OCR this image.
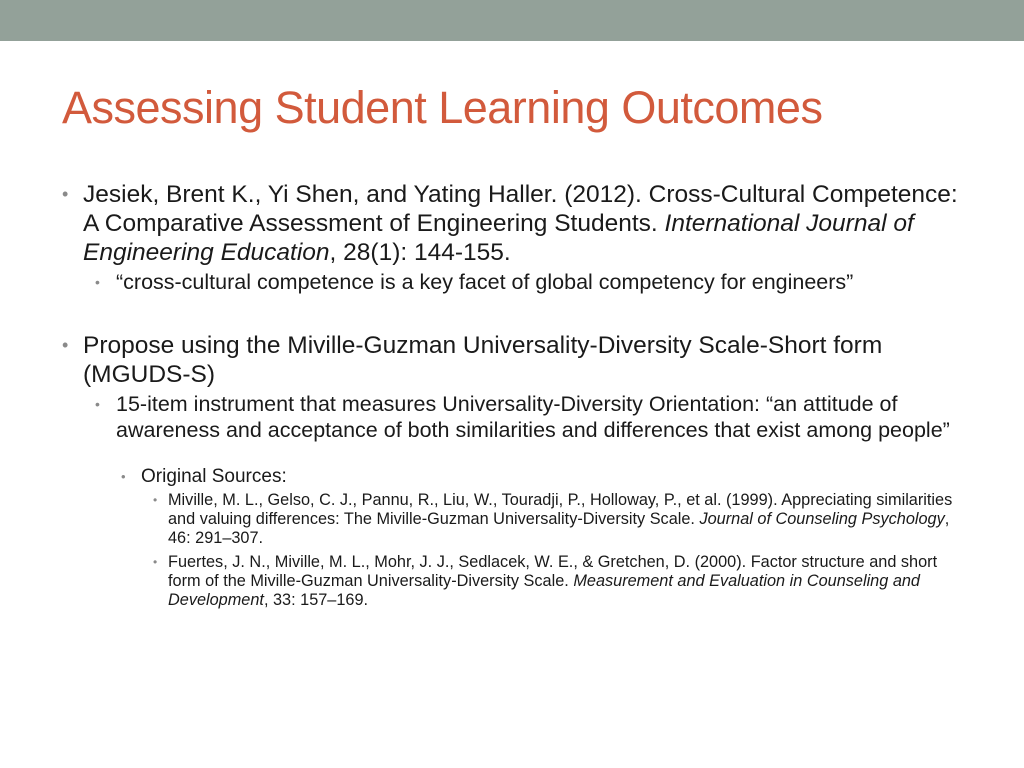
Assessing Student Learning Outcomes
• Jesiek, Brent K., Yi Shen, and Yating Haller. (2012). Cross-Cultural Competence: A Comparative Assessment of Engineering Students. International Journal of Engineering Education, 28(1): 144-155.
• “cross-cultural competence is a key facet of global competency for engineers”
• Propose using the Miville-Guzman Universality-Diversity Scale-Short form (MGUDS-S)
• 15-item instrument that measures Universality-Diversity Orientation: “an attitude of awareness and acceptance of both similarities and differences that exist among people”
• Original Sources:
• Miville, M. L., Gelso, C. J., Pannu, R., Liu, W., Touradji, P., Holloway, P., et al. (1999). Appreciating similarities and valuing differences: The Miville-Guzman Universality-Diversity Scale. Journal of Counseling Psychology, 46: 291–307.
• Fuertes, J. N., Miville, M. L., Mohr, J. J., Sedlacek, W. E., & Gretchen, D. (2000). Factor structure and short form of the Miville-Guzman Universality-Diversity Scale. Measurement and Evaluation in Counseling and Development, 33: 157–169.
